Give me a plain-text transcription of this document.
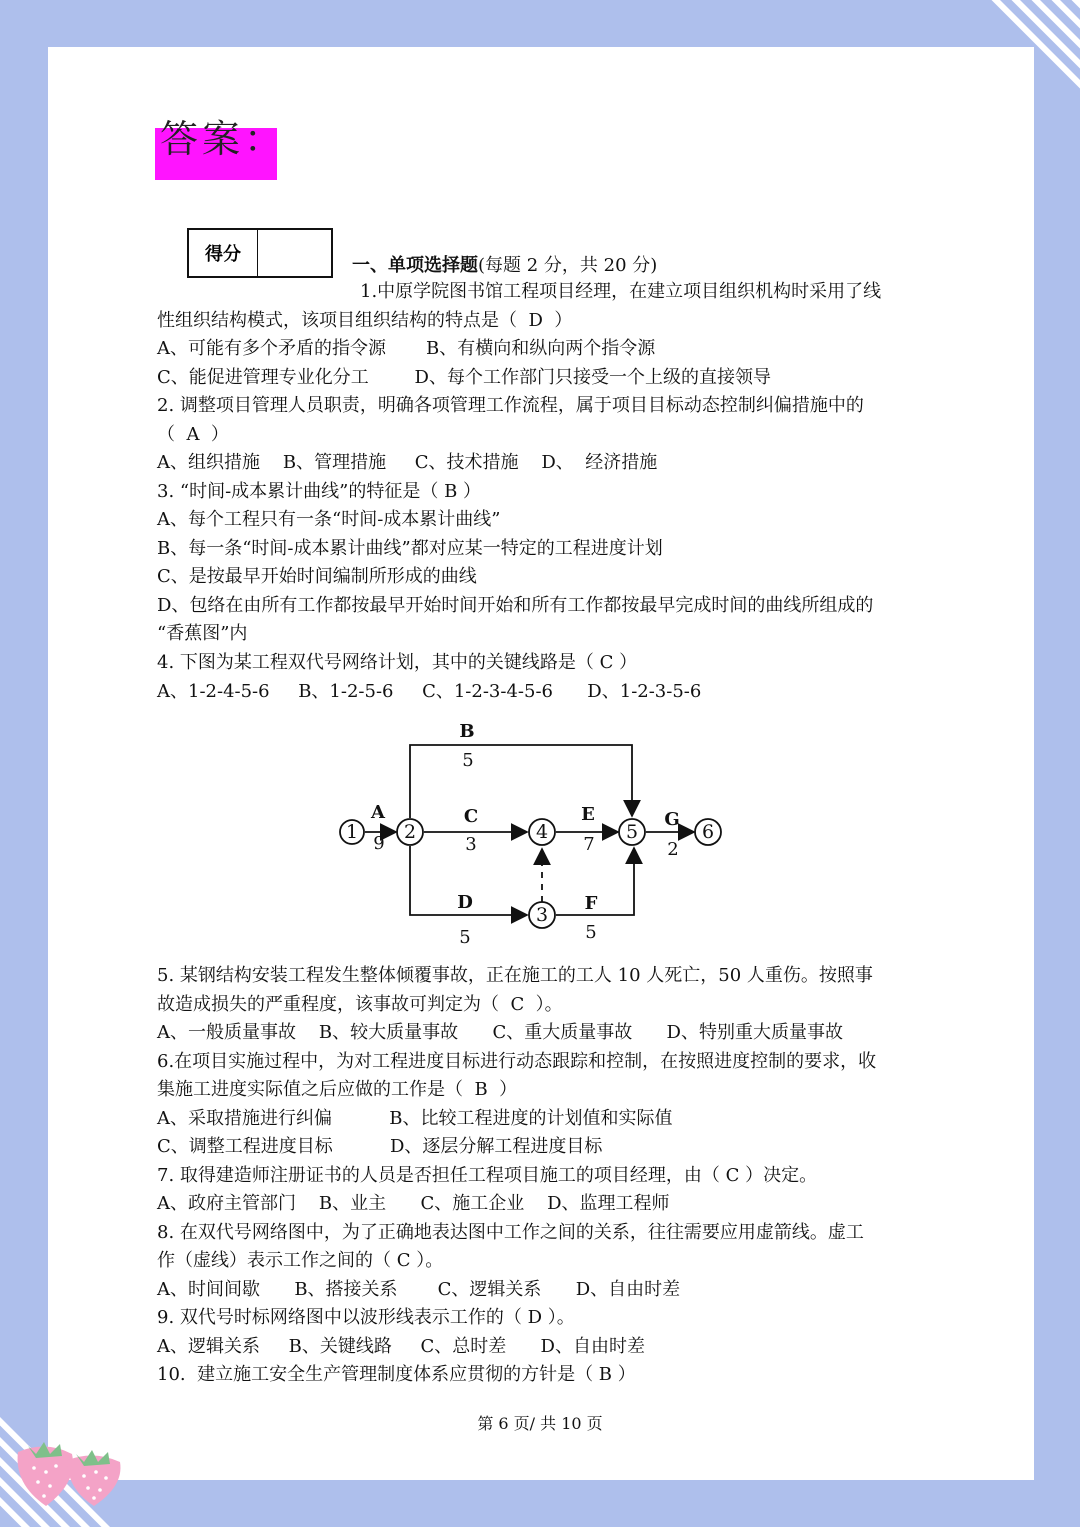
答案：
得分
一、单项选择题(每题 2 分，共 20 分)
1.中原学院图书馆工程项目经理，在建立项目组织机构时采用了线
性组织结构模式，该项目组织结构的特点是（  D  ）
A、可能有多个矛盾的指令源       B、有横向和纵向两个指令源
C、能促进管理专业化分工        D、每个工作部门只接受一个上级的直接领导
2. 调整项目管理人员职责，明确各项管理工作流程，属于项目目标动态控制纠偏措施中的
（  A  ）
A、组织措施    B、管理措施     C、技术措施    D、  经济措施
3. “时间-成本累计曲线”的特征是（ B ）
A、每个工程只有一条“时间-成本累计曲线”
B、每一条“时间-成本累计曲线”都对应某一特定的工程进度计划
C、是按最早开始时间编制所形成的曲线
D、包络在由所有工作都按最早开始时间开始和所有工作都按最早完成时间的曲线所组成的
“香蕉图”内
4. 下图为某工程双代号网络计划，其中的关键线路是（ C ）
A、1-2-4-5-6     B、1-2-5-6     C、1-2-3-4-5-6      D、1-2-3-5-6
1 2
3
4	5	6
A
B
C
D
E
F
G
9
5
3
5
7
5
2
5. 某钢结构安装工程发生整体倾覆事故，正在施工的工人 10 人死亡，50 人重伤。按照事
故造成损失的严重程度，该事故可判定为（  C  ）。
A、一般质量事故    B、较大质量事故      C、重大质量事故      D、特别重大质量事故
6.在项目实施过程中，为对工程进度目标进行动态跟踪和控制，在按照进度控制的要求，收
集施工进度实际值之后应做的工作是（  B  ）
A、采取措施进行纠偏          B、比较工程进度的计划值和实际值
C、调整工程进度目标          D、逐层分解工程进度目标
7. 取得建造师注册证书的人员是否担任工程项目施工的项目经理，由（ C ）决定。
A、政府主管部门    B、业主      C、施工企业    D、监理工程师
8. 在双代号网络图中，为了正确地表达图中工作之间的关系，往往需要应用虚箭线。虚工
作（虚线）表示工作之间的（ C ）。
A、时间间歇      B、搭接关系       C、逻辑关系      D、自由时差
9. 双代号时标网络图中以波形线表示工作的（ D ）。
A、逻辑关系     B、关键线路     C、总时差      D、自由时差
10.  建立施工安全生产管理制度体系应贯彻的方针是（ B ）
第 6 页/ 共 10 页
